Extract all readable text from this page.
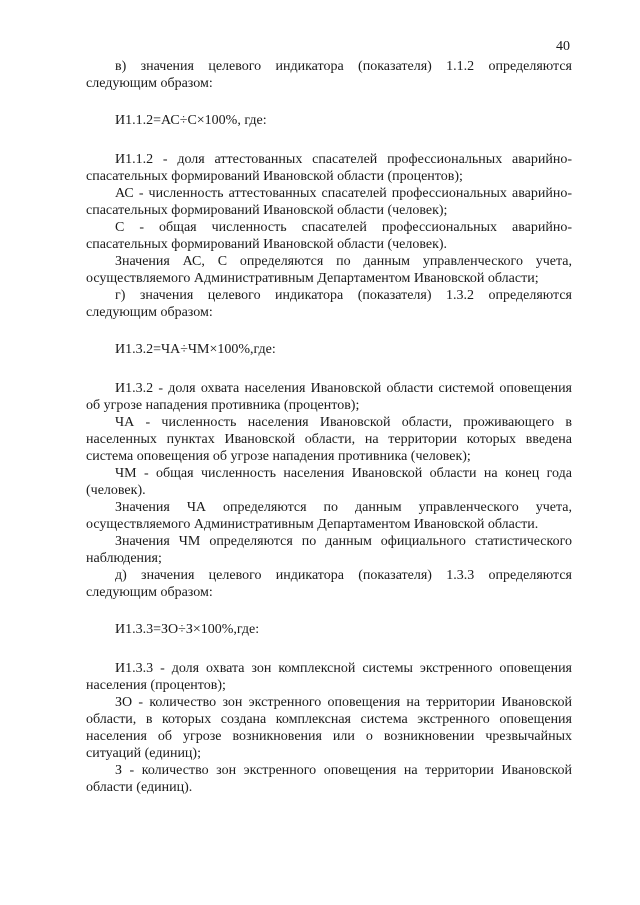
40

в) значения целевого индикатора (показателя) 1.1.2 определяются следующим образом:

И1.1.2=АС÷С×100%, где:

И1.1.2 - доля аттестованных спасателей профессиональных аварийно-спасательных формирований Ивановской области (процентов);

АС - численность аттестованных спасателей профессиональных аварийно-спасательных формирований Ивановской области (человек);

С - общая численность спасателей профессиональных аварийно-спасательных формирований Ивановской области (человек).

Значения АС, С определяются по данным управленческого учета, осуществляемого Административным Департаментом Ивановской области;

г) значения целевого индикатора (показателя) 1.3.2 определяются следующим образом:

И1.3.2=ЧА÷ЧМ×100%,где:

И1.3.2 - доля охвата населения Ивановской области системой оповещения об угрозе нападения противника (процентов);

ЧА - численность населения Ивановской области, проживающего в населенных пунктах Ивановской области, на территории которых введена система оповещения об угрозе нападения противника (человек);

ЧМ - общая численность населения Ивановской области на конец года (человек).

Значения ЧА определяются по данным управленческого учета, осуществляемого Административным Департаментом Ивановской области.

Значения ЧМ определяются по данным официального статистического наблюдения;

д) значения целевого индикатора (показателя) 1.3.3 определяются следующим образом:

И1.3.3=ЗО÷З×100%,где:

И1.3.3 - доля охвата зон комплексной системы экстренного оповещения населения (процентов);

ЗО - количество зон экстренного оповещения на территории Ивановской области, в которых создана комплексная система экстренного оповещения населения об угрозе возникновения или о возникновении чрезвычайных ситуаций (единиц);

З - количество зон экстренного оповещения на территории Ивановской области (единиц).
